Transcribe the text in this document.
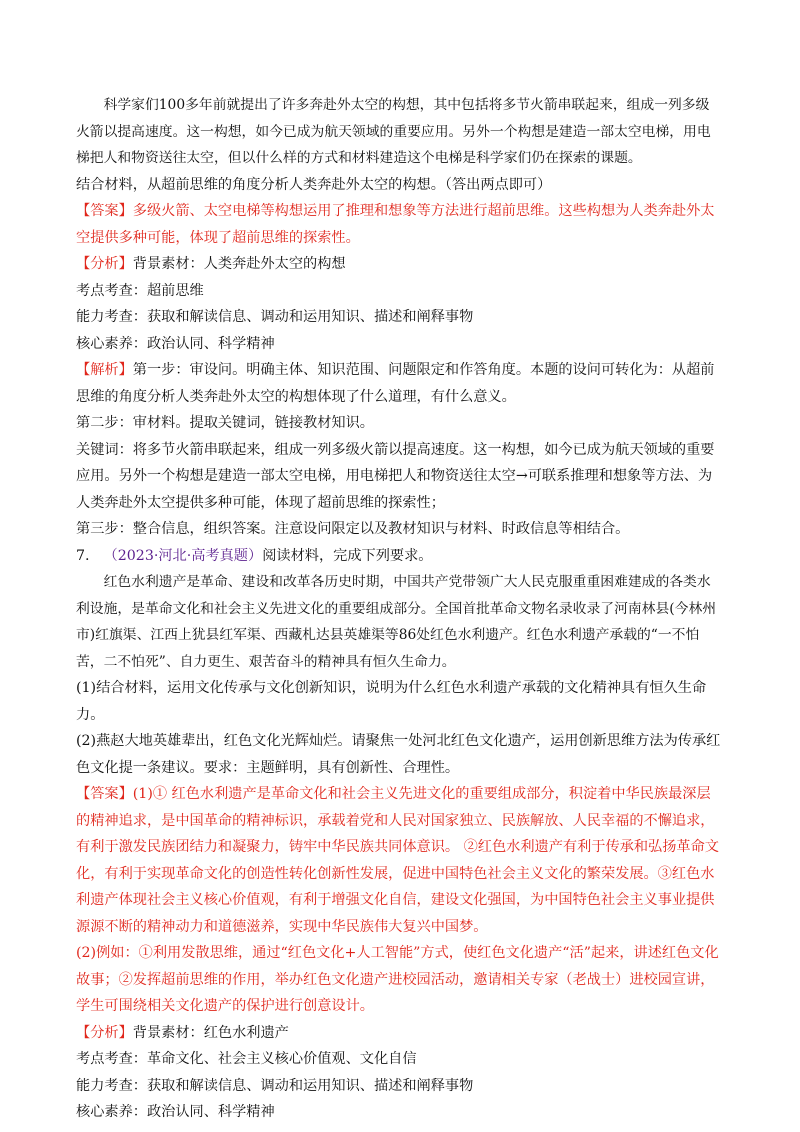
科学家们100多年前就提出了许多奔赴外太空的构想，其中包括将多节火箭串联起来，组成一列多级火箭以提高速度。这一构想，如今已成为航天领域的重要应用。另外一个构想是建造一部太空电梯，用电梯把人和物资送往太空，但以什么样的方式和材料建造这个电梯是科学家们仍在探索的课题。

结合材料，从超前思维的角度分析人类奔赴外太空的构想。（答出两点即可）

【答案】多级火箭、太空电梯等构想运用了推理和想象等方法进行超前思维。这些构想为人类奔赴外太空提供多种可能，体现了超前思维的探索性。

【分析】背景素材：人类奔赴外太空的构想

考点考查：超前思维

能力考查：获取和解读信息、调动和运用知识、描述和阐释事物

核心素养：政治认同、科学精神

【解析】第一步：审设问。明确主体、知识范围、问题限定和作答角度。本题的设问可转化为：从超前思维的角度分析人类奔赴外太空的构想体现了什么道理，有什么意义。

第二步：审材料。提取关键词，链接教材知识。

关键词：将多节火箭串联起来，组成一列多级火箭以提高速度。这一构想，如今已成为航天领域的重要应用。另外一个构想是建造一部太空电梯，用电梯把人和物资送往太空→可联系推理和想象等方法、为人类奔赴外太空提供多种可能，体现了超前思维的探索性；

第三步：整合信息，组织答案。注意设问限定以及教材知识与材料、时政信息等相结合。

7. （2023·河北·高考真题）阅读材料，完成下列要求。

红色水利遗产是革命、建设和改革各历史时期，中国共产党带领广大人民克服重重困难建成的各类水利设施，是革命文化和社会主义先进文化的重要组成部分。全国首批革命文物名录收录了河南林县(今林州市)红旗渠、江西上犹县红军渠、西藏札达县英雄渠等86处红色水利遗产。红色水利遗产承载的“一不怕苦，二不怕死”、自力更生、艰苦奋斗的精神具有恒久生命力。

(1)结合材料，运用文化传承与文化创新知识，说明为什么红色水利遗产承载的文化精神具有恒久生命力。

(2)燕赵大地英雄辈出，红色文化光辉灿烂。请聚焦一处河北红色文化遗产，运用创新思维方法为传承红色文化提一条建议。要求：主题鲜明，具有创新性、合理性。

【答案】(1)① 红色水利遗产是革命文化和社会主义先进文化的重要组成部分，积淀着中华民族最深层的精神追求，是中国革命的精神标识，承载着党和人民对国家独立、民族解放、人民幸福的不懈追求，有利于激发民族团结力和凝聚力，铸牢中华民族共同体意识。 ②红色水利遗产有利于传承和弘扬革命文化，有利于实现革命文化的创造性转化创新性发展，促进中国特色社会主义文化的繁荣发展。③红色水利遗产体现社会主义核心价值观，有利于增强文化自信，建设文化强国，为中国特色社会主义事业提供源源不断的精神动力和道德滋养，实现中华民族伟大复兴中国梦。

(2)例如：①利用发散思维，通过“红色文化+人工智能”方式，使红色文化遗产“活”起来，讲述红色文化故事；②发挥超前思维的作用，举办红色文化遗产进校园活动，邀请相关专家（老战士）进校园宣讲，学生可围绕相关文化遗产的保护进行创意设计。

【分析】背景素材：红色水利遗产

考点考查：革命文化、社会主义核心价值观、文化自信

能力考查：获取和解读信息、调动和运用知识、描述和阐释事物

核心素养：政治认同、科学精神
